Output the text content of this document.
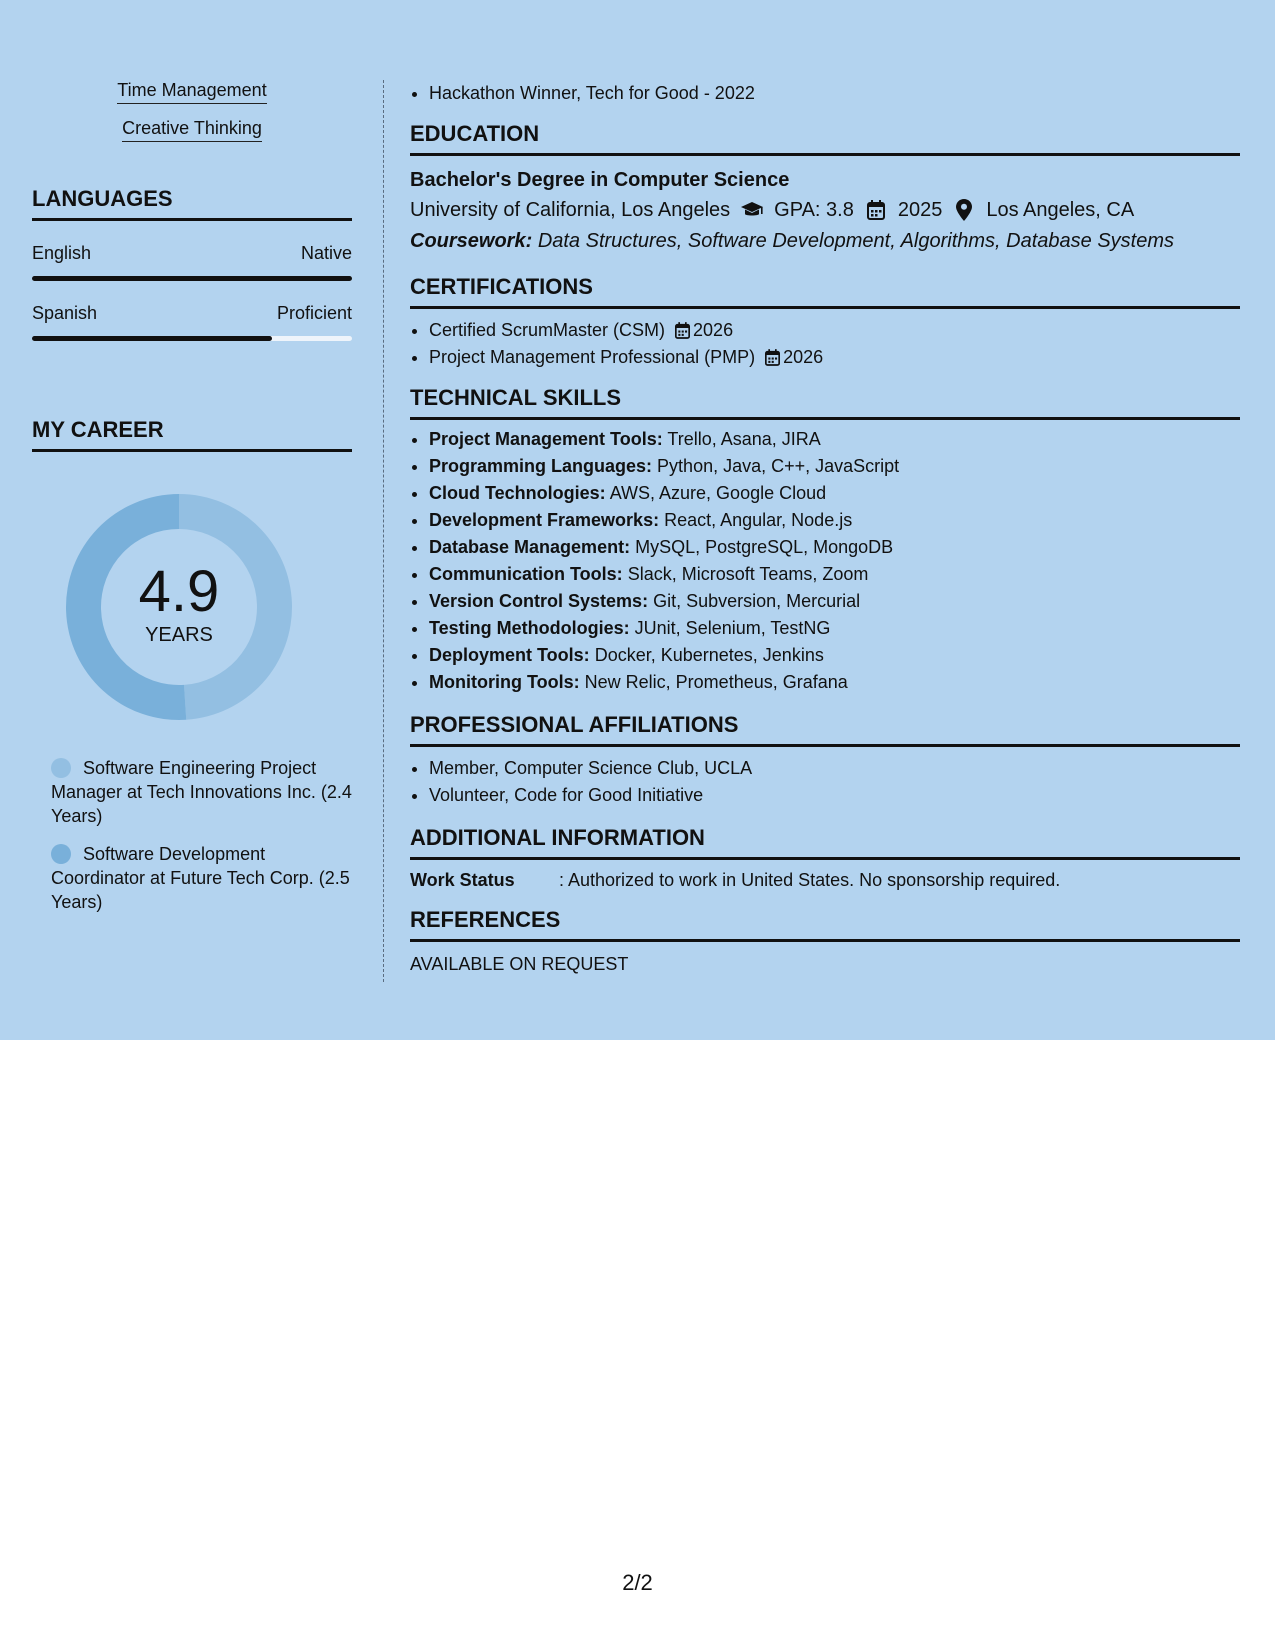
Time Management
Creative Thinking
LANGUAGES
English	Native
Spanish	Proficient
MY CAREER
4.9
YEARS
Software Engineering Project Manager at Tech Innovations Inc. (2.4 Years)
Software Development Coordinator at Future Tech Corp. (2.5 Years)
• Hackathon Winner, Tech for Good - 2022
EDUCATION
Bachelor's Degree in Computer Science
University of California, Los Angeles GPA: 3.8 2025 Los Angeles, CA
Coursework: Data Structures, Software Development, Algorithms, Database Systems
CERTIFICATIONS
• Certified ScrumMaster (CSM) 2026
• Project Management Professional (PMP) 2026
TECHNICAL SKILLS
• Project Management Tools: Trello, Asana, JIRA
• Programming Languages: Python, Java, C++, JavaScript
• Cloud Technologies: AWS, Azure, Google Cloud
• Development Frameworks: React, Angular, Node.js
• Database Management: MySQL, PostgreSQL, MongoDB
• Communication Tools: Slack, Microsoft Teams, Zoom
• Version Control Systems: Git, Subversion, Mercurial
• Testing Methodologies: JUnit, Selenium, TestNG
• Deployment Tools: Docker, Kubernetes, Jenkins
• Monitoring Tools: New Relic, Prometheus, Grafana
PROFESSIONAL AFFILIATIONS
• Member, Computer Science Club, UCLA
• Volunteer, Code for Good Initiative
ADDITIONAL INFORMATION
Work Status	: Authorized to work in United States. No sponsorship required.
REFERENCES
AVAILABLE ON REQUEST
2/2
